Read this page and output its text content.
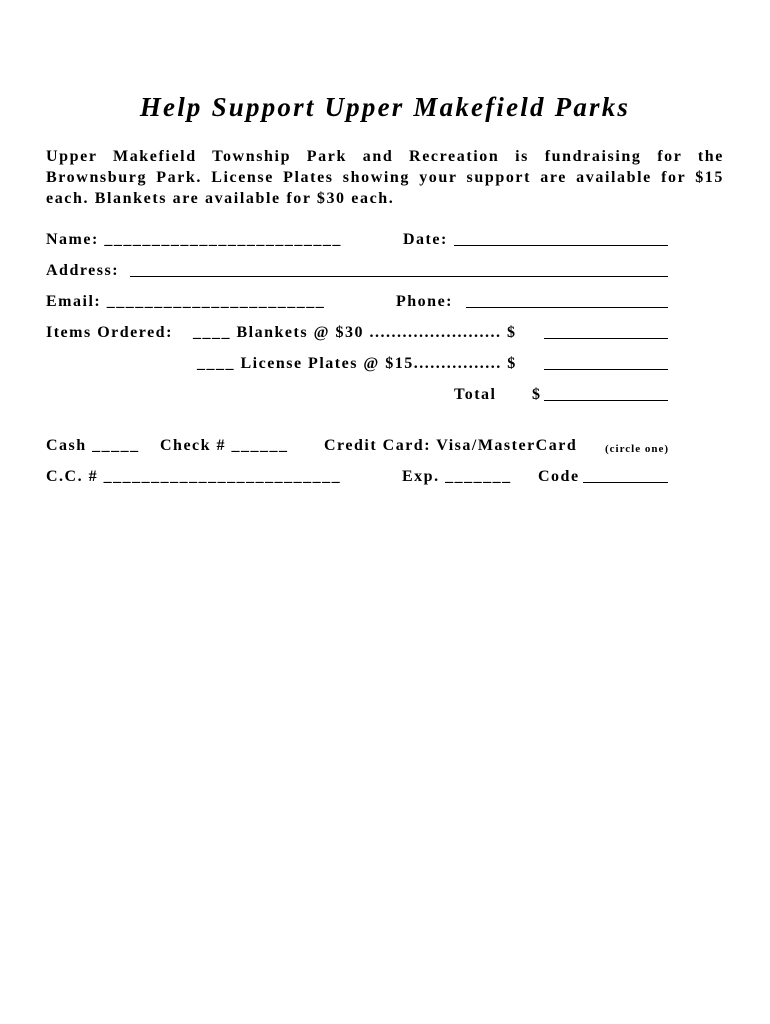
Help Support Upper Makefield Parks

Upper Makefield Township Park and Recreation is fundraising for the Brownsburg Park. License Plates showing your support are available for $15 each. Blankets are available for $30 each.

Name: _________________________	Date:
Address:
Email: _______________________	Phone:
Items Ordered: ____ Blankets @ $30 ........................ $
____ License Plates @ $15................ $
Total $
Cash _____ Check # ______ Credit Card: Visa/MasterCard	(circle one)
C.C. # _________________________	Exp. _______ Code
